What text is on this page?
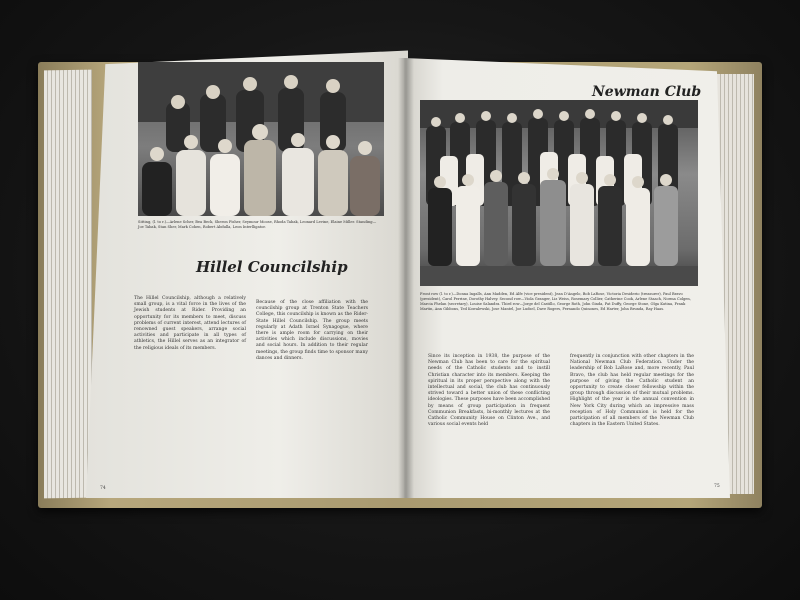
Sitting, (l. to r.)—Arlene Scher, Bea Beck, Sheron Fisher, Seymour Moose, Rhoda Tabak, Leonard Levine, Elaine Miller. Standing—Joe Tabak, Stan Sher, Mark Cohen, Robert Abdulla, Leon Interlligator.
Hillel Councilship
The Hillel Councilship, although a relatively small group, is a vital force in the lives of the Jewish students at Rider. Providing an opportunity for its members to meet, discuss problems of current interest, attend lectures of renowned guest speakers, arrange social activities and participate in all types of athletics, the Hillel serves as an integrator of the religious ideals of its members.
Because of the close affiliation with the councilship group at Trenton State Teachers College, this councilship is known as the Rider-State Hillel Councilship. The group meets regularly at Adath Israel Synagogue, where there is ample room for carrying on their activities which include discussions, movies and social hours. In addition to their regular meetings, the group finds time to sponsor many dances and dinners.
74
Newman Club
Front row (l. to r.)—Donna Ingalls, Ann Madden, Ed Alfe (vice president), Jean D'Angelo, Bob LaRose, Victoria Desiderio (treasurer), Paul Bravo (president), Carol Perrine, Dorothy Halvey. Second row—Viola Granger, Liz Weiss, Rosemary Collier, Catherine Cook, Arlene Staach, Norma Colgen, Marcia Phelan (secretary), Louise Salandra. Third row—Jorge del Castillo, George Roth, John Ginda, Pat Duffy, George Stone, Olga Kutina, Frank Martin, Ann Gibbons, Ted Kowalewski, Jose Mantel, Joe Ludsel, Dave Rogers, Fernando Quinones, Ed Harter, John Brunda, Ray Haas.
Since its inception in 1938, the purpose of the Newman Club has been to care for the spiritual needs of the Catholic students and to instill Christian character into its members. Keeping the spiritual in its proper perspective along with the intellectual and social, the club has continuously strived toward a better union of these conflicting ideologies. These purposes have been accomplished by means of group participation in frequent Communion Breakfasts, bi-monthly lectures at the Catholic Community House on Clinton Ave., and various social events held
frequently in conjunction with other chapters in the National Newman Club Federation. Under the leadership of Bob LaRose and, more recently, Paul Bravo, the club has held regular meetings for the purpose of giving the Catholic student an opportunity to create closer fellowship within the group through discussion of their mutual problems. Highlight of the year is the annual convention in New York City during which an impressive mass reception of Holy Communion is held for the participation of all members of the Newman Club chapters in the Eastern United States.
75
